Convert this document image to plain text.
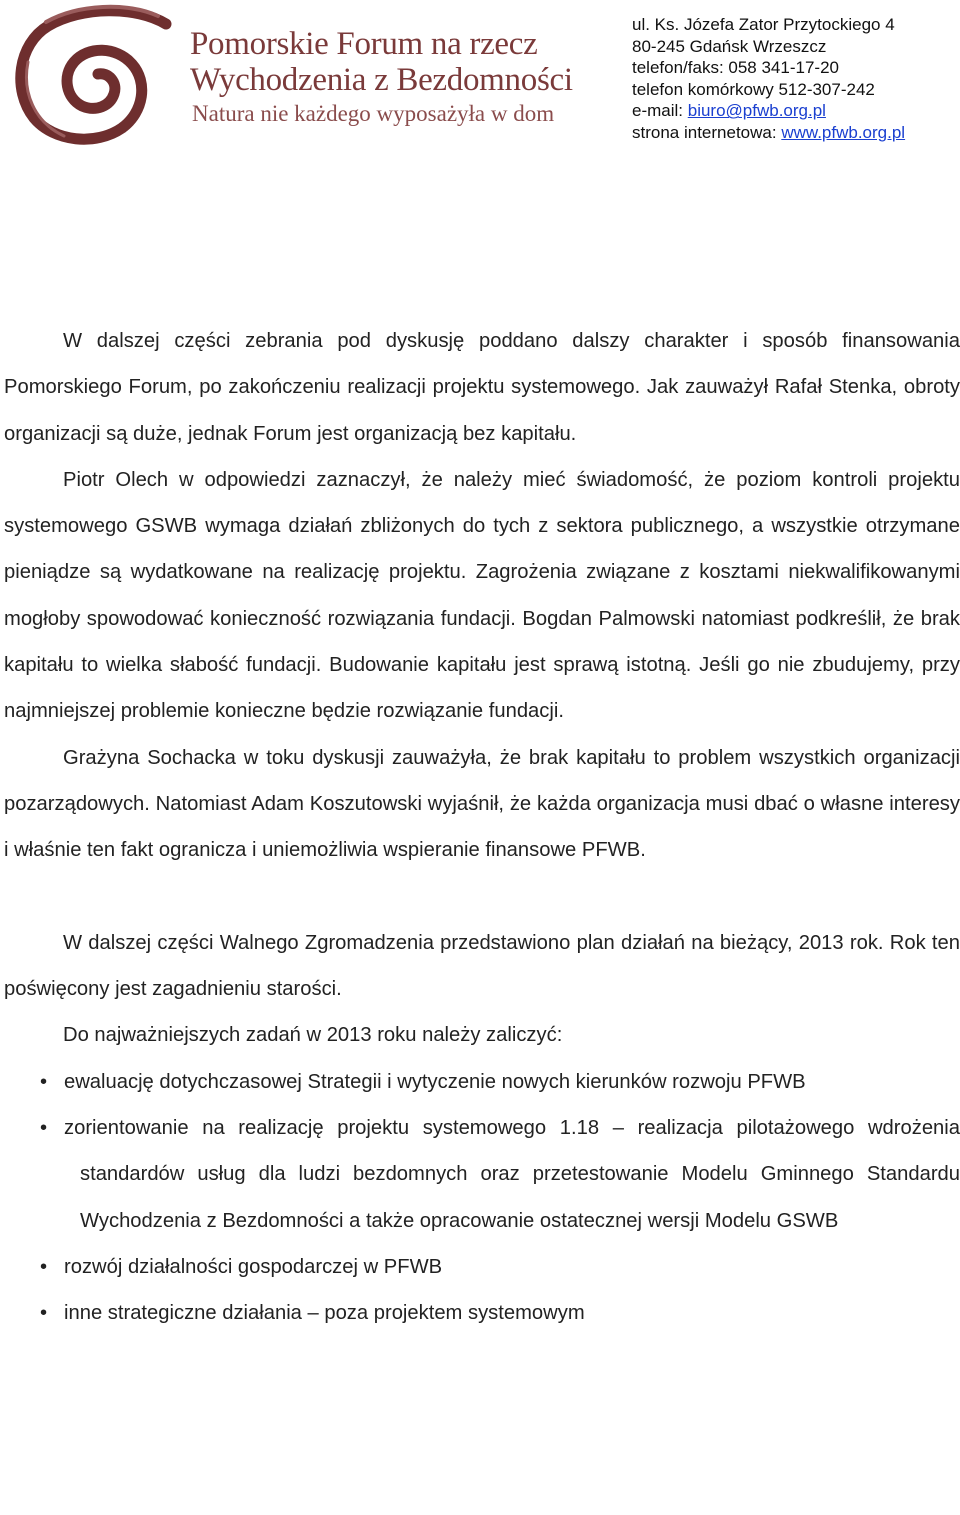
Pomorskie Forum na rzecz
Wychodzenia z Bezdomności
Natura nie każdego wyposażyła w dom
ul. Ks. Józefa Zator Przytockiego 4
80-245 Gdańsk Wrzeszcz
telefon/faks: 058 341-17-20
telefon komórkowy 512-307-242
e-mail: biuro@pfwb.org.pl
strona internetowa: www.pfwb.org.pl

W dalszej części zebrania pod dyskusję poddano dalszy charakter i sposób finansowania Pomorskiego Forum, po zakończeniu realizacji projektu systemowego. Jak zauważył Rafał Stenka, obroty organizacji są duże, jednak Forum jest organizacją bez kapitału.

Piotr Olech w odpowiedzi zaznaczył, że należy mieć świadomość, że poziom kontroli projektu systemowego GSWB wymaga działań zbliżonych do tych z sektora publicznego, a wszystkie otrzymane pieniądze są wydatkowane na realizację projektu. Zagrożenia związane z kosztami niekwalifikowanymi mogłoby spowodować konieczność rozwiązania fundacji. Bogdan Palmowski natomiast podkreślił, że brak kapitału to wielka słabość fundacji. Budowanie kapitału jest sprawą istotną. Jeśli go nie zbudujemy, przy najmniejszej problemie konieczne będzie rozwiązanie fundacji.

Grażyna Sochacka w toku dyskusji zauważyła, że brak kapitału to problem wszystkich organizacji pozarządowych. Natomiast Adam Koszutowski wyjaśnił, że każda organizacja musi dbać o własne interesy i właśnie ten fakt ogranicza i uniemożliwia wspieranie finansowe PFWB.

W dalszej części Walnego Zgromadzenia przedstawiono plan działań na bieżący, 2013 rok. Rok ten poświęcony jest zagadnieniu starości.

Do najważniejszych zadań w 2013 roku należy zaliczyć:

• ewaluację dotychczasowej Strategii i wytyczenie nowych kierunków rozwoju PFWB
• zorientowanie na realizację projektu systemowego 1.18 – realizacja pilotażowego wdrożenia standardów usług dla ludzi bezdomnych oraz przetestowanie Modelu Gminnego Standardu Wychodzenia z Bezdomności a także opracowanie ostatecznej wersji Modelu GSWB
• rozwój działalności gospodarczej w PFWB
• inne strategiczne działania – poza projektem systemowym
